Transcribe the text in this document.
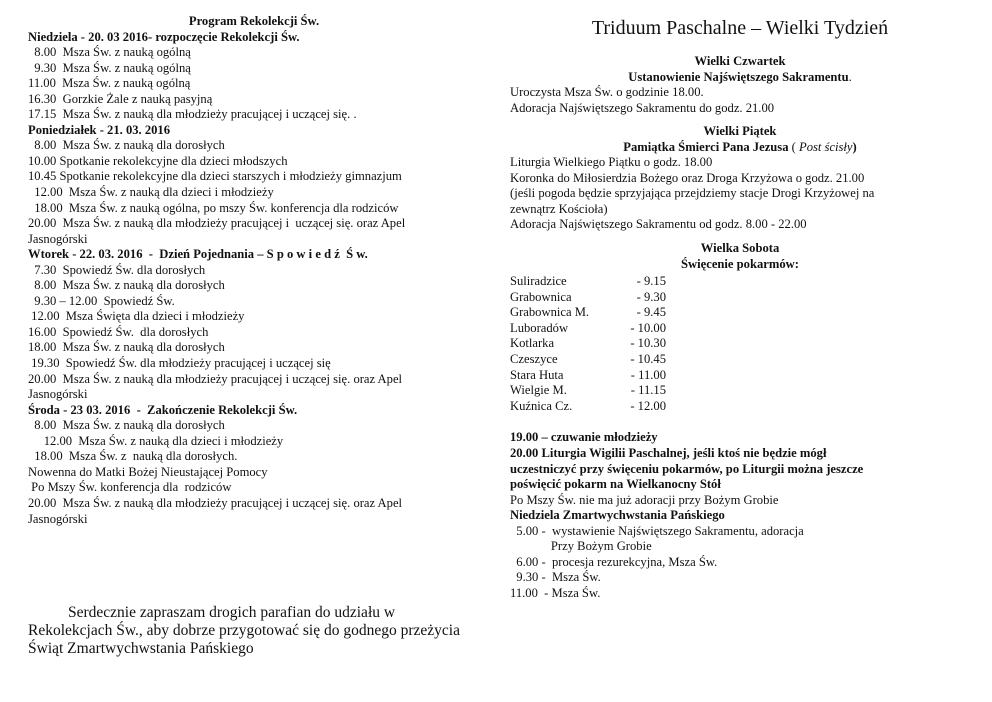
Program Rekolekcji Św.
Niedziela - 20. 03 2016- rozpoczęcie Rekolekcji Św.
8.00  Msza Św. z nauką ogólną
9.30  Msza Św. z nauką ogólną
11.00  Msza Św. z nauką ogólną
16.30  Gorzkie Żale z nauką pasyjną
17.15  Msza Św. z nauką dla młodzieży pracującej i uczącej się. .
Poniedziałek - 21. 03. 2016
8.00  Msza Św. z nauką dla dorosłych
10.00 Spotkanie rekolekcyjne dla dzieci młodszych
10.45 Spotkanie rekolekcyjne dla dzieci starszych i młodzieży gimnazjum
12.00  Msza Św. z nauką dla dzieci i młodzieży
18.00  Msza Św. z nauką ogólna, po mszy Św. konferencja dla rodziców
20.00  Msza Św. z nauką dla młodzieży pracującej i  uczącej się. oraz Apel
Jasnogórski
Wtorek - 22. 03. 2016  -  Dzień Pojednania – S p o w i e d ź  Ś w.
7.30  Spowiedź Św. dla dorosłych
8.00  Msza Św. z nauką dla dorosłych
9.30 – 12.00  Spowiedź Św.
12.00  Msza Święta dla dzieci i młodzieży
16.00  Spowiedź Św.  dla dorosłych
18.00  Msza Św. z nauką dla dorosłych
19.30  Spowiedź Św. dla młodzieży pracującej i uczącej się
20.00  Msza Św. z nauką dla młodzieży pracującej i uczącej się. oraz Apel
Jasnogórski
Środa - 23 03. 2016  -  Zakończenie Rekolekcji Św.
8.00  Msza Św. z nauką dla dorosłych
12.00  Msza Św. z nauką dla dzieci i młodzieży
18.00  Msza Św. z  nauką dla dorosłych.
Nowenna do Matki Bożej Nieustającej Pomocy
Po Mszy Św. konferencja dla  rodziców
20.00  Msza Św. z nauką dla młodzieży pracującej i uczącej się. oraz Apel
Jasnogórski
Serdecznie zapraszam drogich parafian do udziału w Rekolekcjach Św., aby dobrze przygotować się do godnego przeżycia Świąt Zmartwychwstania Pańskiego
Triduum Paschalne – Wielki Tydzień
Wielki Czwartek
Ustanowienie Najświętszego Sakramentu.
Uroczysta Msza Św. o godzinie 18.00.
Adoracja Najświętszego Sakramentu do godz. 21.00
Wielki Piątek
Pamiątka Śmierci Pana Jezusa ( Post ścisły)
Liturgia Wielkiego Piątku o godz. 18.00
Koronka do Miłosierdzia Bożego oraz Droga Krzyżowa o godz. 21.00 (jeśli pogoda będzie sprzyjająca przejdziemy stacje Drogi Krzyżowej na zewnątrz Kościoła)
Adoracja Najświętszego Sakramentu od godz. 8.00 - 22.00
Wielka Sobota
Święcenie pokarmów:
Suliradzice	- 9.15
Grabownica	- 9.30
Grabownica M.	- 9.45
Luboradów	- 10.00
Kotlarka	- 10.30
Czeszyce	- 10.45
Stara Huta	- 11.00
Wielgie M.	- 11.15
Kuźnica Cz.	- 12.00
19.00 – czuwanie młodzieży
20.00 Liturgia Wigilii Paschalnej, jeśli ktoś nie będzie mógł uczestniczyć przy święceniu pokarmów, po Liturgii można jeszcze poświęcić pokarm na Wielkanocny Stół
Po Mszy Św. nie ma już adoracji przy Bożym Grobie
Niedziela Zmartwychwstania Pańskiego
5.00 -  wystawienie Najświętszego Sakramentu, adoracja
Przy Bożym Grobie
6.00 -  procesja rezurekcyjna, Msza Św.
9.30 -  Msza Św.
11.00  - Msza Św.
